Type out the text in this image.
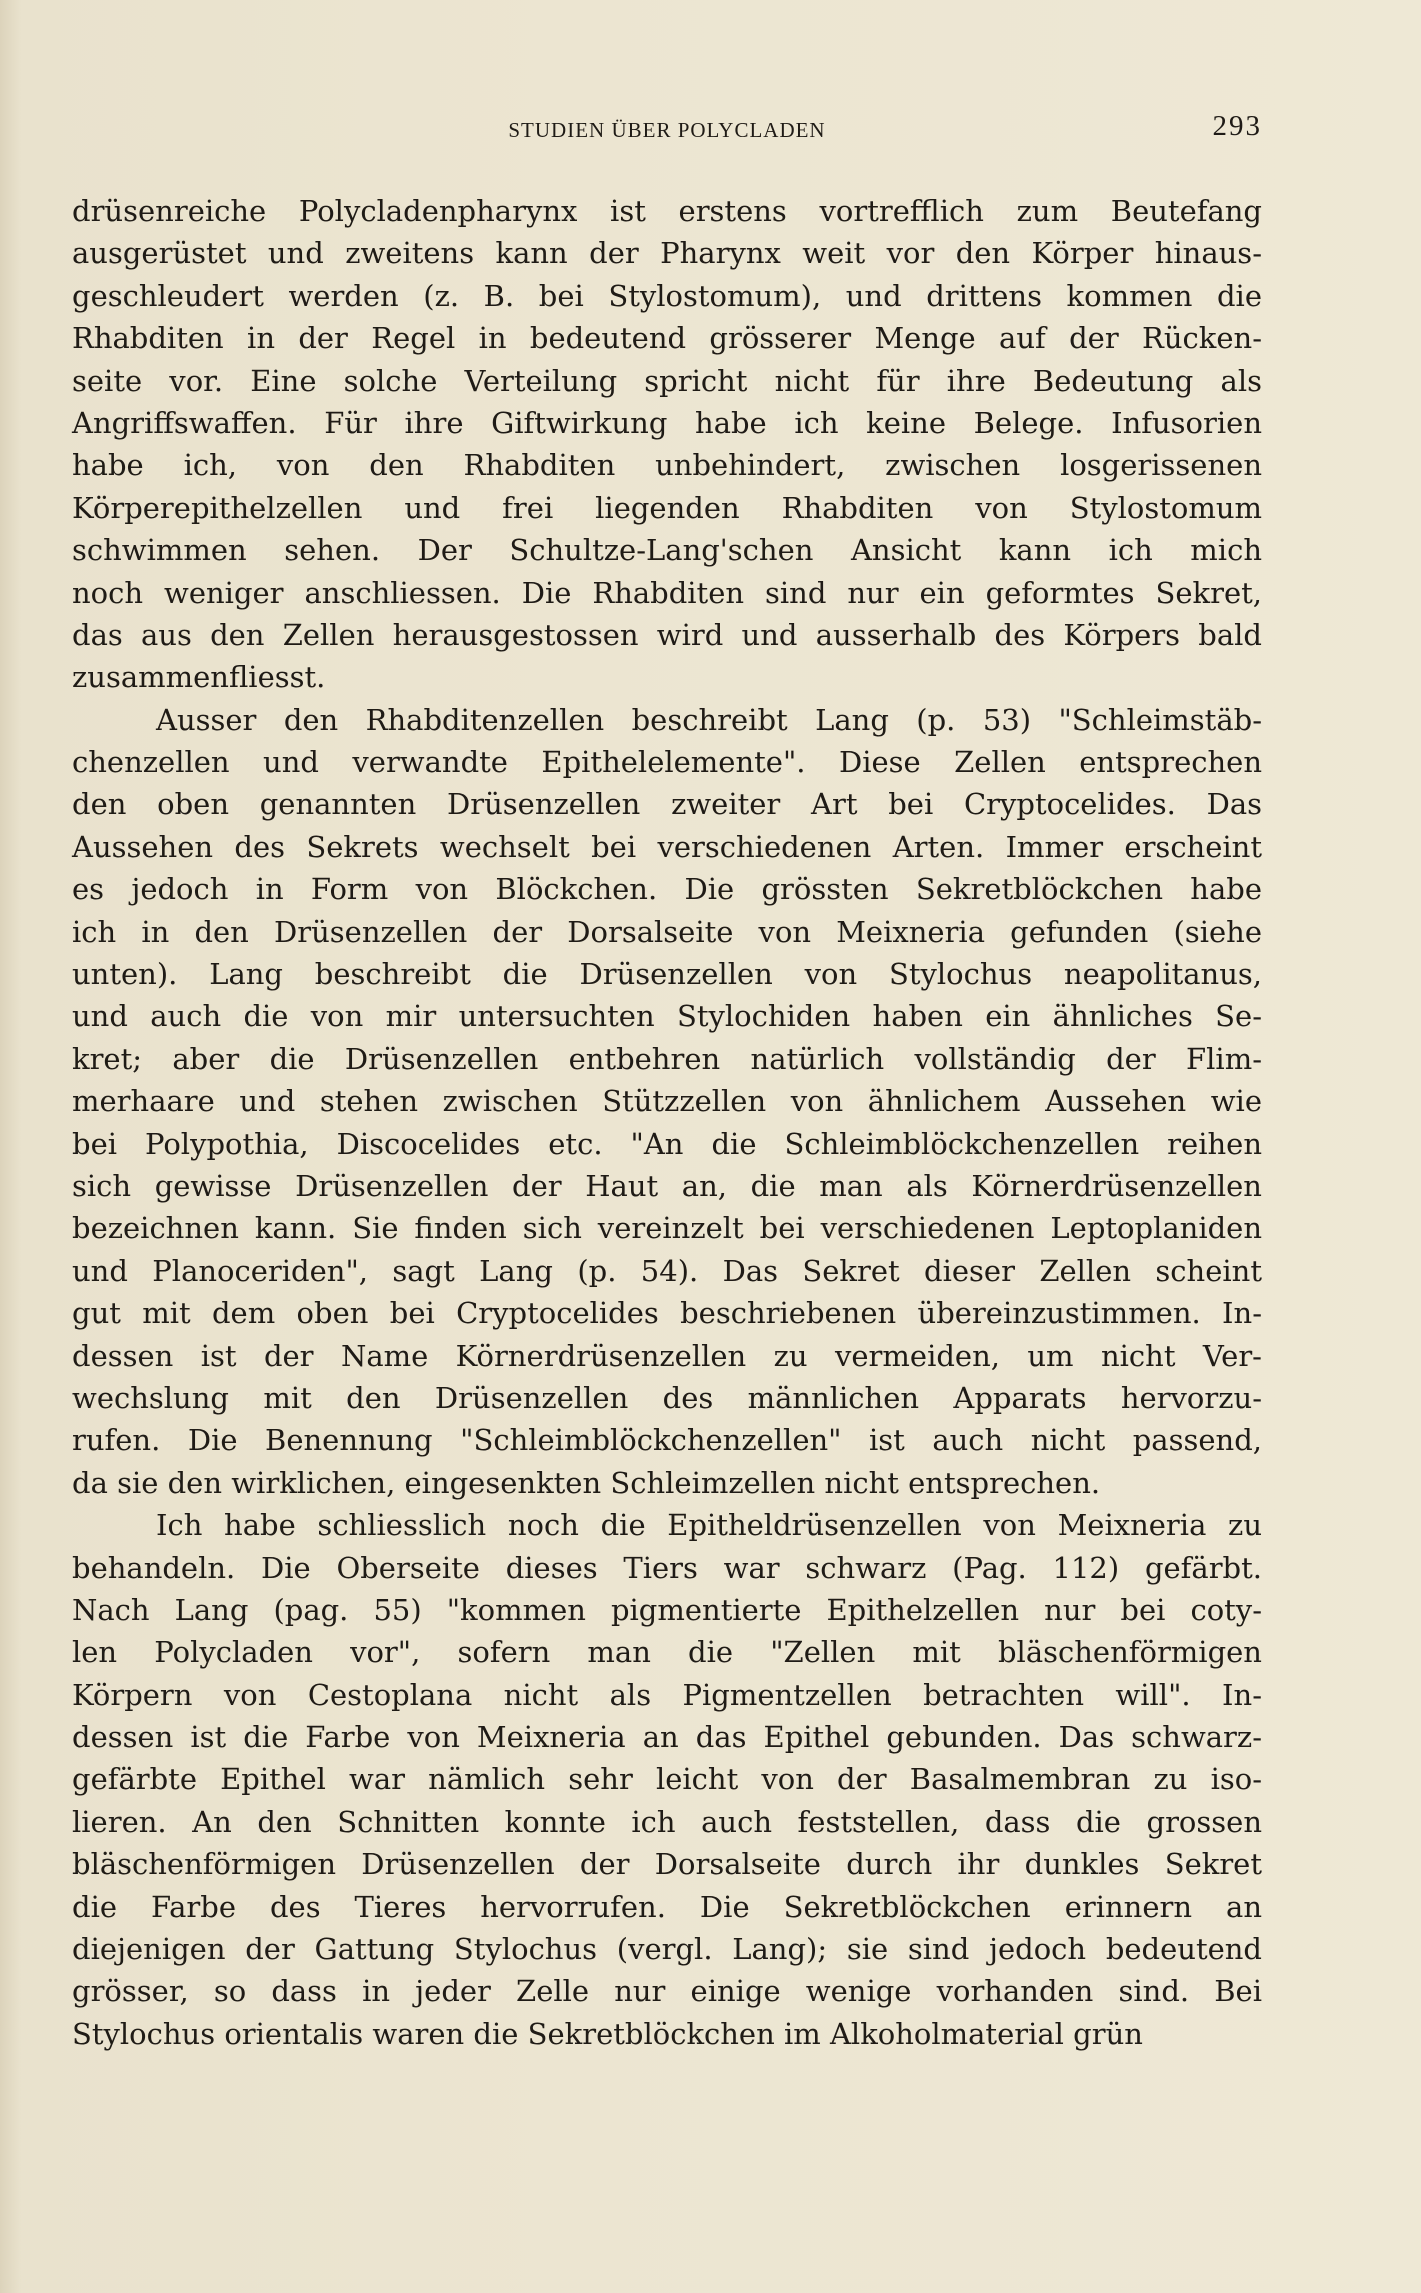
STUDIEN ÜBER POLYCLADEN	293
drüsenreiche Polycladenpharynx ist erstens vortrefflich zum Beutefang
ausgerüstet und zweitens kann der Pharynx weit vor den Körper hinaus-
geschleudert werden (z. B. bei Stylostomum), und drittens kommen die
Rhabditen in der Regel in bedeutend grösserer Menge auf der Rücken-
seite vor. Eine solche Verteilung spricht nicht für ihre Bedeutung als
Angriffswaffen. Für ihre Giftwirkung habe ich keine Belege. Infusorien
habe ich, von den Rhabditen unbehindert, zwischen losgerissenen
Körperepithelzellen und frei liegenden Rhabditen von Stylostomum
schwimmen sehen. Der Schultze-Lang'schen Ansicht kann ich mich
noch weniger anschliessen. Die Rhabditen sind nur ein geformtes Sekret,
das aus den Zellen herausgestossen wird und ausserhalb des Körpers bald
zusammenfliesst.
Ausser den Rhabditenzellen beschreibt Lang (p. 53) "Schleimstäb-
chenzellen und verwandte Epithelelemente". Diese Zellen entsprechen
den oben genannten Drüsenzellen zweiter Art bei Cryptocelides. Das
Aussehen des Sekrets wechselt bei verschiedenen Arten. Immer erscheint
es jedoch in Form von Blöckchen. Die grössten Sekretblöckchen habe
ich in den Drüsenzellen der Dorsalseite von Meixneria gefunden (siehe
unten). Lang beschreibt die Drüsenzellen von Stylochus neapolitanus,
und auch die von mir untersuchten Stylochiden haben ein ähnliches Se-
kret; aber die Drüsenzellen entbehren natürlich vollständig der Flim-
merhaare und stehen zwischen Stützzellen von ähnlichem Aussehen wie
bei Polypothia, Discocelides etc. "An die Schleimblöckchenzellen reihen
sich gewisse Drüsenzellen der Haut an, die man als Körnerdrüsenzellen
bezeichnen kann. Sie finden sich vereinzelt bei verschiedenen Leptoplaniden
und Planoceriden", sagt Lang (p. 54). Das Sekret dieser Zellen scheint
gut mit dem oben bei Cryptocelides beschriebenen übereinzustimmen. In-
dessen ist der Name Körnerdrüsenzellen zu vermeiden, um nicht Ver-
wechslung mit den Drüsenzellen des männlichen Apparats hervorzu-
rufen. Die Benennung "Schleimblöckchenzellen" ist auch nicht passend,
da sie den wirklichen, eingesenkten Schleimzellen nicht entsprechen.
Ich habe schliesslich noch die Epitheldrüsenzellen von Meixneria zu
behandeln. Die Oberseite dieses Tiers war schwarz (Pag. 112) gefärbt.
Nach Lang (pag. 55) "kommen pigmentierte Epithelzellen nur bei coty-
len Polycladen vor", sofern man die "Zellen mit bläschenförmigen
Körpern von Cestoplana nicht als Pigmentzellen betrachten will". In-
dessen ist die Farbe von Meixneria an das Epithel gebunden. Das schwarz-
gefärbte Epithel war nämlich sehr leicht von der Basalmembran zu iso-
lieren. An den Schnitten konnte ich auch feststellen, dass die grossen
bläschenförmigen Drüsenzellen der Dorsalseite durch ihr dunkles Sekret
die Farbe des Tieres hervorrufen. Die Sekretblöckchen erinnern an
diejenigen der Gattung Stylochus (vergl. Lang); sie sind jedoch bedeutend
grösser, so dass in jeder Zelle nur einige wenige vorhanden sind. Bei
Stylochus orientalis waren die Sekretblöckchen im Alkoholmaterial grün
